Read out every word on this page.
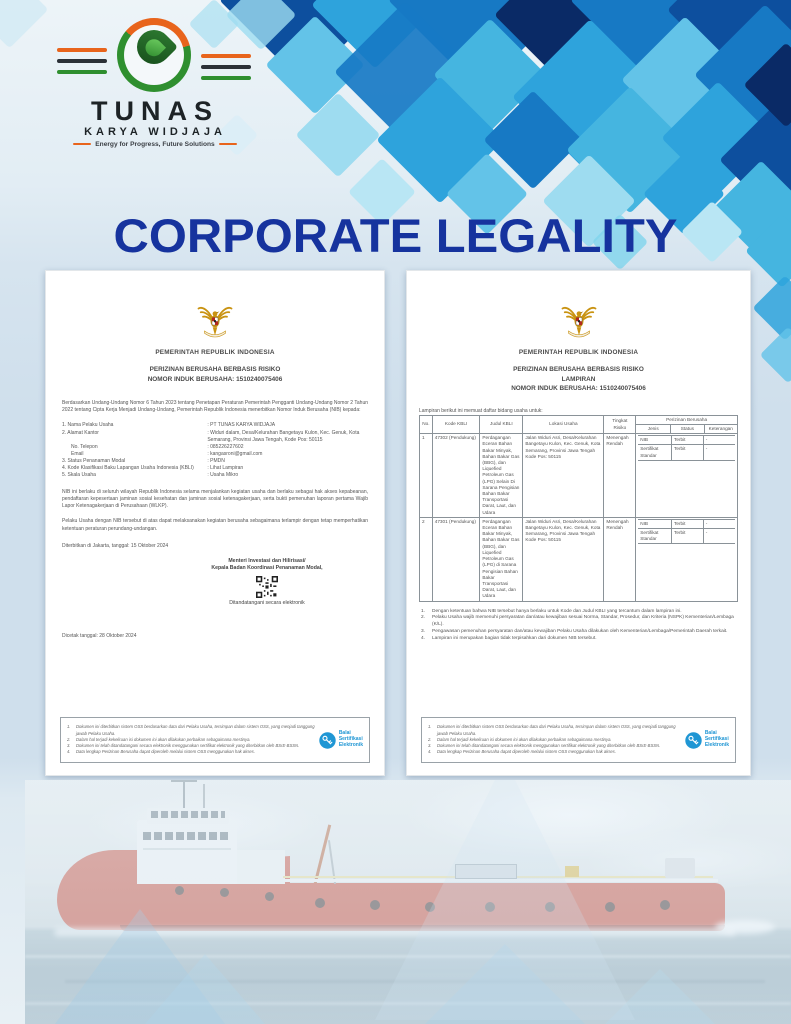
TUNAS
KARYA WIDJAJA
Energy for Progress, Future Solutions
CORPORATE LEGALITY
PEMERINTAH REPUBLIK INDONESIA
PERIZINAN BERUSAHA BERBASIS RISIKO
NOMOR INDUK BERUSAHA: 1510240075406
Berdasarkan Undang-Undang Nomor 6 Tahun 2023 tentang Penetapan Peraturan Pemerintah Pengganti Undang-Undang Nomor 2 Tahun 2022 tentang Cipta Kerja Menjadi Undang-Undang, Pemerintah Republik Indonesia menerbitkan Nomor Induk Berusaha (NIB) kepada:
1. Nama Pelaku Usaha	: PT TUNAS KARYA WIDJAJA
2. Alamat Kantor	: Widuri dalam, Desa/Kelurahan Bangetayu Kulon, Kec. Genuk, Kota Semarang, Provinsi Jawa Tengah, Kode Pos: 50115
No. Telepon	: 085226227602
Email	: kangasroni@gmail.com
3. Status Penanaman Modal	: PMDN
4. Kode Klasifikasi Baku Lapangan Usaha Indonesia (KBLI)	: Lihat Lampiran
5. Skala Usaha	: Usaha Mikro
NIB ini berlaku di seluruh wilayah Republik Indonesia selama menjalankan kegiatan usaha dan berlaku sebagai hak akses kepabeanan, pendaftaran kepesertaan jaminan sosial kesehatan dan jaminan sosial ketenagakerjaan, serta bukti pemenuhan laporan pertama Wajib Lapor Ketenagakerjaan di Perusahaan (WLKP).
Pelaku Usaha dengan NIB tersebut di atas dapat melaksanakan kegiatan berusaha sebagaimana terlampir dengan tetap memperhatikan ketentuan peraturan perundang-undangan.
Diterbitkan di Jakarta, tanggal: 15 Oktober 2024
Menteri Investasi dan Hilirisasi/
Kepala Badan Koordinasi Penanaman Modal,
Ditandatangani secara elektronik
Dicetak tanggal: 28 Oktober 2024
1.	Dokumen ini diterbitkan sistem OSS berdasarkan data dari Pelaku Usaha, tersimpan dalam sistem OSS, yang menjadi tanggung jawab Pelaku Usaha.
2.	Dalam hal terjadi kekeliruan isi dokumen ini akan dilakukan perbaikan sebagaimana mestinya.
3.	Dokumen ini telah ditandatangani secara elektronik menggunakan sertifikat elektronik yang diterbitkan oleh BSrE-BSSN.
4.	Data lengkap Perizinan Berusaha dapat diperoleh melalui sistem OSS menggunakan hak akses.
Balai
Sertifikasi
Elektronik
PEMERINTAH REPUBLIK INDONESIA
PERIZINAN BERUSAHA BERBASIS RISIKO
LAMPIRAN
NOMOR INDUK BERUSAHA: 1510240075406
Lampiran berikut ini memuat daftar bidang usaha untuk:
No.	Kode KBLI	Judul KBLI	Lokasi Usaha	Tingkat Risiko	Perizinan Berusaha
Jenis	Status	Keterangan
1	47302 (Pendukung)	Perdagangan Eceran Bahan Bakar Minyak, Bahan Bakar Gas (BBG), dan Liquefied Petroleum Gas (LPG) Selain Di Sarana Pengisian Bahan Bakar Transportasi Darat, Laut, dan Udara	Jalan Widuri Asri, Desa/Kelurahan Bangetayu Kulon, Kec. Genuk, Kota Semarang, Provinsi Jawa Tengah Kode Pos: 50115	Menengah Rendah	
NIB	Terbit	-
Sertifikat Standar	Terbit	-

2	47301 (Pendukung)	Perdagangan Eceran Bahan Bakar Minyak, Bahan Bakar Gas (BBG), dan Liquefied Petroleum Gas (LPG) di Sarana Pengisian Bahan Bakar Transportasi Darat, Laut, dan Udara	Jalan Widuri Asri, Desa/Kelurahan Bangetayu Kulon, Kec. Genuk, Kota Semarang, Provinsi Jawa Tengah Kode Pos: 50115	Menengah Rendah	
NIB	Terbit	-
Sertifikat Standar	Terbit	-
1.	Dengan ketentuan bahwa NIB tersebut hanya berlaku untuk Kode dan Judul KBLI yang tercantum dalam lampiran ini.
2.	Pelaku Usaha wajib memenuhi persyaratan dan/atau kewajiban sesuai Norma, Standar, Prosedur, dan Kriteria (NSPK) Kementerian/Lembaga (K/L).
3.	Pengawasan pemenuhan persyaratan dan/atau kewajiban Pelaku Usaha dilakukan oleh Kementerian/Lembaga/Pemerintah Daerah terkait.
4.	Lampiran ini merupakan bagian tidak terpisahkan dari dokumen NIB tersebut.
1.	Dokumen ini diterbitkan sistem OSS berdasarkan data dari Pelaku Usaha, tersimpan dalam sistem OSS, yang menjadi tanggung jawab Pelaku Usaha.
2.	Dalam hal terjadi kekeliruan isi dokumen ini akan dilakukan perbaikan sebagaimana mestinya.
3.	Dokumen ini telah ditandatangani secara elektronik menggunakan sertifikat elektronik yang diterbitkan oleh BSrE-BSSN.
4.	Data lengkap Perizinan Berusaha dapat diperoleh melalui sistem OSS menggunakan hak akses.
Balai
Sertifikasi
Elektronik
